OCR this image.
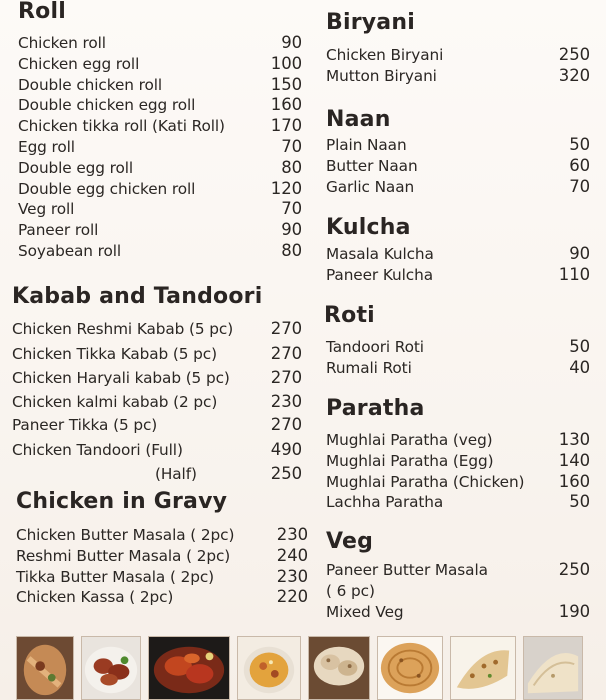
Roll
Chicken roll	90
Chicken egg roll	100
Double chicken roll	150
Double chicken egg roll	160
Chicken tikka roll (Kati Roll)	170
Egg roll	70
Double egg roll	80
Double egg chicken roll	120
Veg roll	70
Paneer roll	90
Soyabean roll	80
Kabab and Tandoori
Chicken Reshmi Kabab (5 pc)	270
Chicken Tikka Kabab (5 pc)	270
Chicken Haryali kabab (5 pc)	270
Chicken kalmi kabab (2 pc)	230
Paneer Tikka (5 pc)	270
Chicken Tandoori (Full)	490
(Half)	250
Chicken in Gravy
Chicken Butter Masala ( 2pc)	230
Reshmi Butter Masala ( 2pc)	240
Tikka Butter Masala ( 2pc)	230
Chicken Kassa ( 2pc)	220
Biryani
Chicken Biryani	250
Mutton Biryani	320
Naan
Plain Naan	50
Butter Naan	60
Garlic Naan	70
Kulcha
Masala Kulcha	90
Paneer Kulcha	110
Roti
Tandoori Roti	50
Rumali Roti	40
Paratha
Mughlai Paratha (veg)	130
Mughlai Paratha (Egg)	140
Mughlai Paratha (Chicken)	160
Lachha Paratha	50
Veg
Paneer Butter Masala	250
( 6 pc)
Mixed Veg	190
